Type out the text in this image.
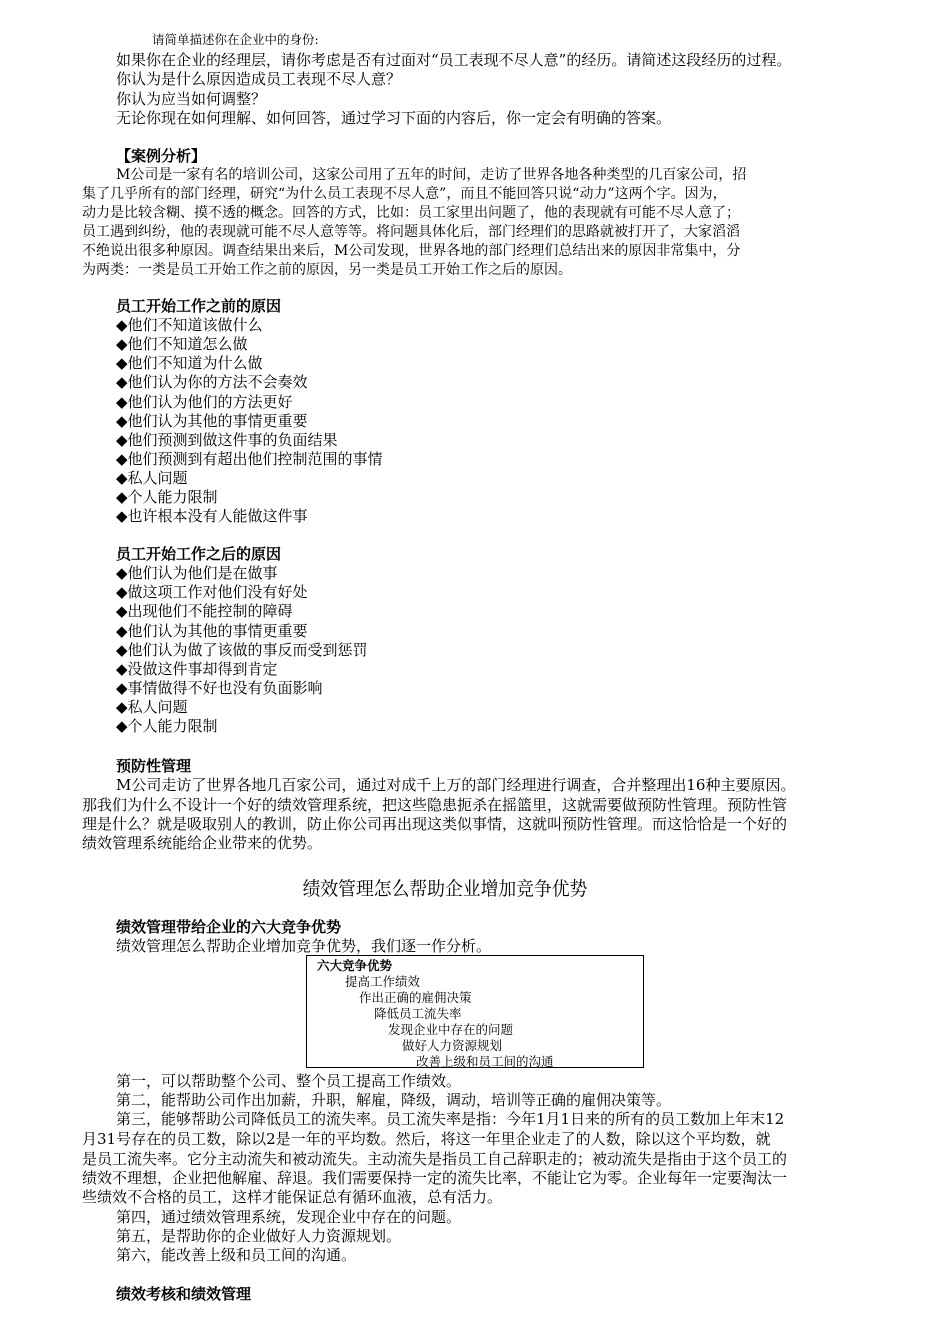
请简单描述你在企业中的身份:
如果你在企业的经理层，请你考虑是否有过面对“员工表现不尽人意”的经历。请简述这段经历的过程。
你认为是什么原因造成员工表现不尽人意？
你认为应当如何调整？
无论你现在如何理解、如何回答，通过学习下面的内容后，你一定会有明确的答案。
【案例分析】
M公司是一家有名的培训公司，这家公司用了五年的时间，走访了世界各地各种类型的几百家公司，招
集了几乎所有的部门经理，研究“为什么员工表现不尽人意”，而且不能回答只说“动力”这两个字。因为，
动力是比较含糊、摸不透的概念。回答的方式，比如：员工家里出问题了，他的表现就有可能不尽人意了；
员工遇到纠纷，他的表现就可能不尽人意等等。将问题具体化后，部门经理们的思路就被打开了，大家滔滔
不绝说出很多种原因。调查结果出来后，M公司发现，世界各地的部门经理们总结出来的原因非常集中，分
为两类：一类是员工开始工作之前的原因，另一类是员工开始工作之后的原因。
员工开始工作之前的原因
◆他们不知道该做什么
◆他们不知道怎么做
◆他们不知道为什么做
◆他们认为你的方法不会奏效
◆他们认为他们的方法更好
◆他们认为其他的事情更重要
◆他们预测到做这件事的负面结果
◆他们预测到有超出他们控制范围的事情
◆私人问题
◆个人能力限制
◆也许根本没有人能做这件事
员工开始工作之后的原因
◆他们认为他们是在做事
◆做这项工作对他们没有好处
◆出现他们不能控制的障碍
◆他们认为其他的事情更重要
◆他们认为做了该做的事反而受到惩罚
◆没做这件事却得到肯定
◆事情做得不好也没有负面影响
◆私人问题
◆个人能力限制
预防性管理
M公司走访了世界各地几百家公司，通过对成千上万的部门经理进行调查，合并整理出16种主要原因。
那我们为什么不设计一个好的绩效管理系统，把这些隐患扼杀在摇篮里，这就需要做预防性管理。预防性管
理是什么？就是吸取别人的教训，防止你公司再出现这类似事情，这就叫预防性管理。而这恰恰是一个好的
绩效管理系统能给企业带来的优势。
绩效管理怎么帮助企业增加竞争优势
绩效管理带给企业的六大竞争优势
绩效管理怎么帮助企业增加竞争优势，我们逐一作分析。
六大竞争优势
提高工作绩效
作出正确的雇佣决策
降低员工流失率
发现企业中存在的问题
做好人力资源规划
改善上级和员工间的沟通
第一，可以帮助整个公司、整个员工提高工作绩效。
第二，能帮助公司作出加薪，升职，解雇，降级，调动，培训等正确的雇佣决策等。
第三，能够帮助公司降低员工的流失率。员工流失率是指：今年1月1日来的所有的员工数加上年末12
月31号存在的员工数，除以2是一年的平均数。然后，将这一年里企业走了的人数，除以这个平均数，就
是员工流失率。它分主动流失和被动流失。主动流失是指员工自己辞职走的；被动流失是指由于这个员工的
绩效不理想，企业把他解雇、辞退。我们需要保持一定的流失比率，不能让它为零。企业每年一定要淘汰一
些绩效不合格的员工，这样才能保证总有循环血液，总有活力。
第四，通过绩效管理系统，发现企业中存在的问题。
第五，是帮助你的企业做好人力资源规划。
第六，能改善上级和员工间的沟通。
绩效考核和绩效管理
